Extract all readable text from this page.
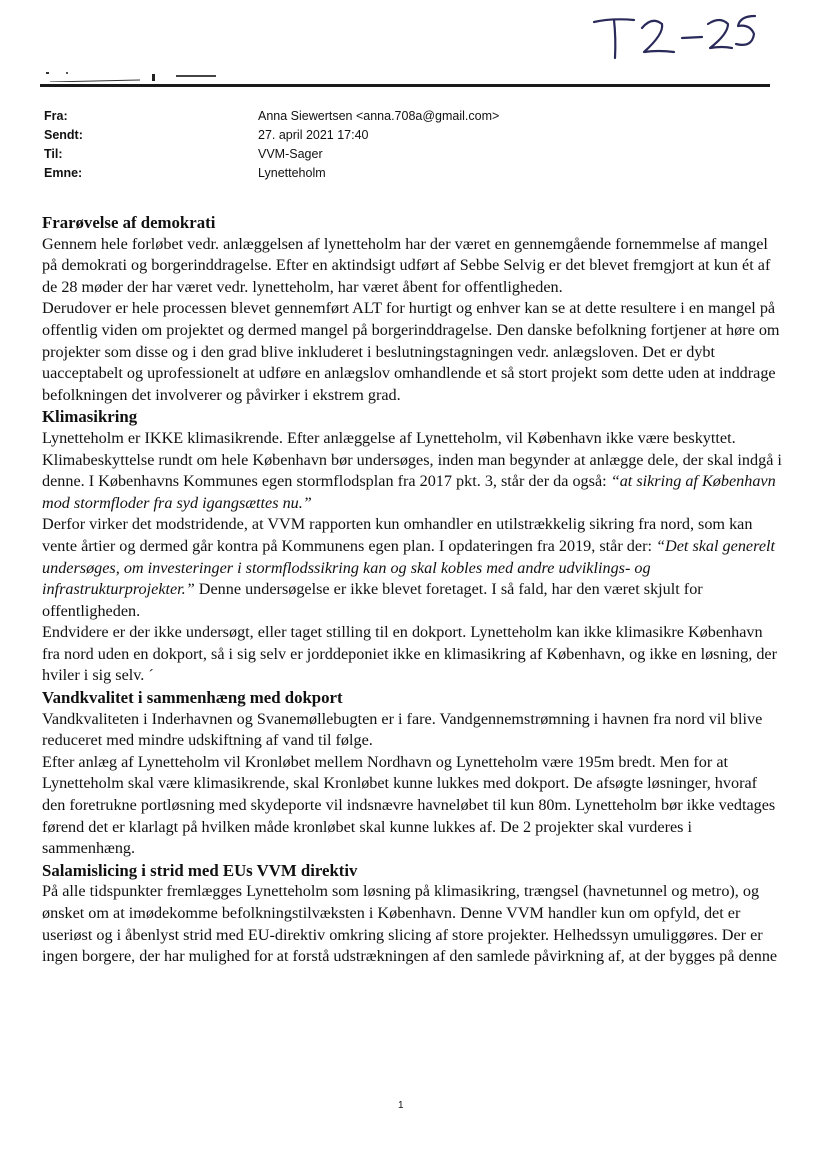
Fra:	Anna Siewertsen <anna.708a@gmail.com>
Sendt:	27. april 2021 17:40
Til:	VVM-Sager
Emne:	Lynetteholm
Frarøvelse af demokrati

Gennem hele forløbet vedr. anlæggelsen af lynetteholm har der været en gennemgående fornemmelse af mangel på demokrati og borgerinddragelse. Efter en aktindsigt udført af Sebbe Selvig er det blevet fremgjort at kun ét af de 28 møder der har været vedr. lynetteholm, har været åbent for offentligheden.

Derudover er hele processen blevet gennemført ALT for hurtigt og enhver kan se at dette resultere i en mangel på offentlig viden om projektet og dermed mangel på borgerinddragelse. Den danske befolkning fortjener at høre om projekter som disse og i den grad blive inkluderet i beslutningstagningen vedr. anlægsloven. Det er dybt uacceptabelt og uprofessionelt at udføre en anlægslov omhandlende et så stort projekt som dette uden at inddrage befolkningen det involverer og påvirker i ekstrem grad.

Klimasikring

Lynetteholm er IKKE klimasikrende. Efter anlæggelse af Lynetteholm, vil København ikke være beskyttet.

Klimabeskyttelse rundt om hele København bør undersøges, inden man begynder at anlægge dele, der skal indgå i denne. I Københavns Kommunes egen stormflodsplan fra 2017 pkt. 3, står der da også: “at sikring af København mod stormfloder fra syd igangsættes nu.”

Derfor virker det modstridende, at VVM rapporten kun omhandler en utilstrækkelig sikring fra nord, som kan vente årtier og dermed går kontra på Kommunens egen plan. I opdateringen fra 2019, står der: “Det skal generelt undersøges, om investeringer i stormflodssikring kan og skal kobles med andre udviklings- og infrastrukturprojekter.” Denne undersøgelse er ikke blevet foretaget. I så fald, har den været skjult for offentligheden.

Endvidere er der ikke undersøgt, eller taget stilling til en dokport. Lynetteholm kan ikke klimasikre København fra nord uden en dokport, så i sig selv er jorddeponiet ikke en klimasikring af København, og ikke en løsning, der hviler i sig selv. ´

Vandkvalitet i sammenhæng med dokport

Vandkvaliteten i Inderhavnen og Svanemøllebugten er i fare. Vandgennemstrømning i havnen fra nord vil blive reduceret med mindre udskiftning af vand til følge.

Efter anlæg af Lynetteholm vil Kronløbet mellem Nordhavn og Lynetteholm være 195m bredt. Men for at Lynetteholm skal være klimasikrende, skal Kronløbet kunne lukkes med dokport. De afsøgte løsninger, hvoraf den foretrukne portløsning med skydeporte vil indsnævre havneløbet til kun 80m. Lynetteholm bør ikke vedtages førend det er klarlagt på hvilken måde kronløbet skal kunne lukkes af. De 2 projekter skal vurderes i sammenhæng.

Salamislicing i strid med EUs VVM direktiv

På alle tidspunkter fremlægges Lynetteholm som løsning på klimasikring, trængsel (havnetunnel og metro), og ønsket om at imødekomme befolkningstilvæksten i København. Denne VVM handler kun om opfyld, det er useriøst og i åbenlyst strid med EU-direktiv omkring slicing af store projekter. Helhedssyn umuliggøres. Der er ingen borgere, der har mulighed for at forstå udstrækningen af den samlede påvirkning af, at der bygges på denne

1
